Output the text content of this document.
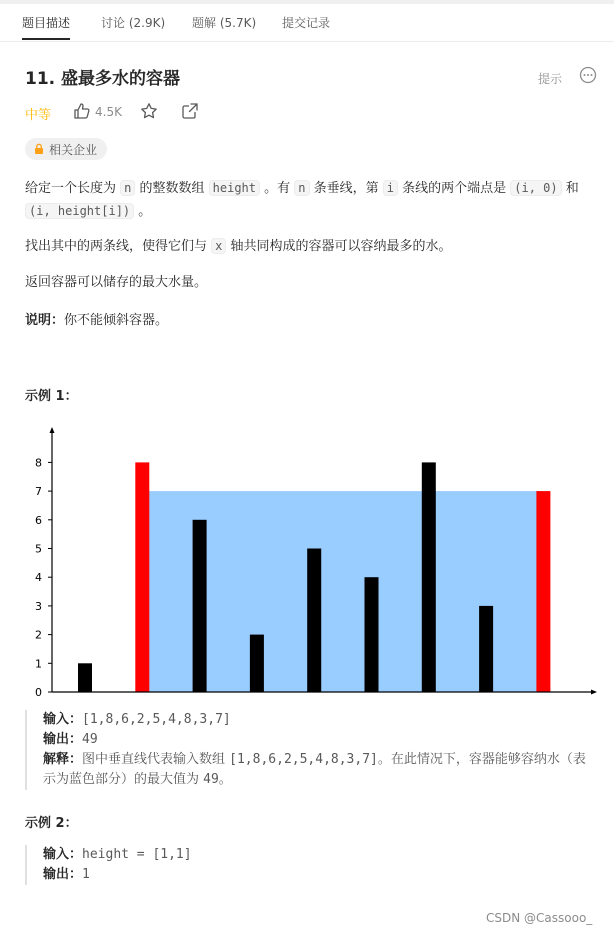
题目描述	讨论 (2.9K) 题解 (5.7K) 提交记录
11. 盛最多水的容器	提示
中等	4.5K
相关企业
给定一个长度为 n 的整数数组 height 。有 n 条垂线，第 i 条线的两个端点是 (i, 0) 和 (i, height[i]) 。
找出其中的两条线，使得它们与 x 轴共同构成的容器可以容纳最多的水。
返回容器可以储存的最大水量。
说明：你不能倾斜容器。
示例 1：
0
1
2
3
4
5
6
7
8
输入：[1,8,6,2,5,4,8,3,7]
输出：49
解释：图中垂直线代表输入数组 [1,8,6,2,5,4,8,3,7]。在此情况下，容器能够容纳水（表示为蓝色部分）的最大值为 49。
示例 2：
输入：height = [1,1]
输出：1
CSDN @Cassooo_
